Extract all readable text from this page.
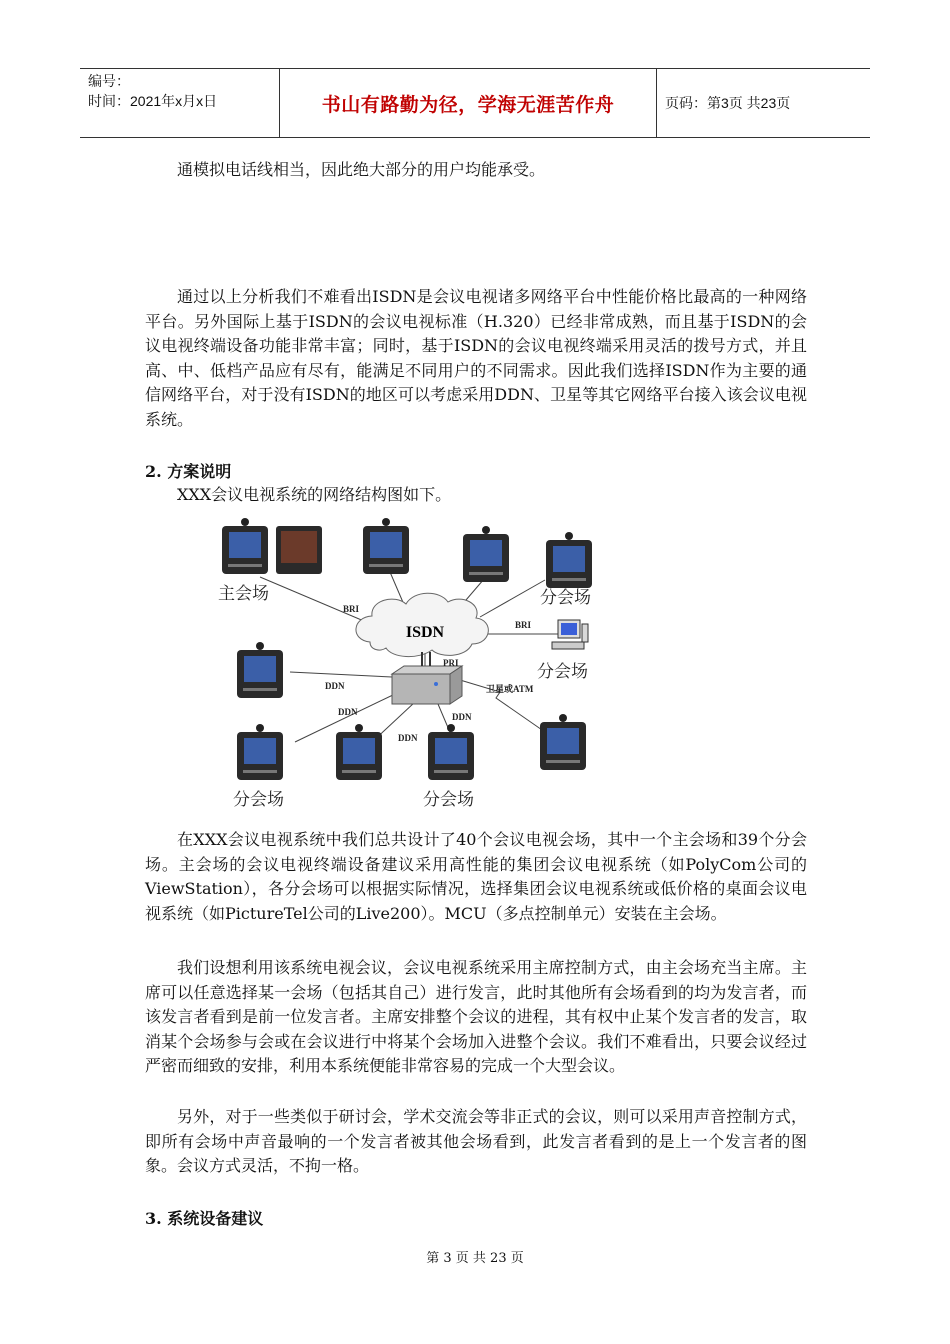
编号：
时间：2021年x月x日	书山有路勤为径，学海无涯苦作舟	页码：第3页 共23页

通模拟电话线相当，因此绝大部分的用户均能承受。

通过以上分析我们不难看出ISDN是会议电视诸多网络平台中性能价格比最高的一种网络平台。另外国际上基于ISDN的会议电视标准（H.320）已经非常成熟，而且基于ISDN的会议电视终端设备功能非常丰富；同时，基于ISDN的会议电视终端采用灵活的拨号方式，并且高、中、低档产品应有尽有，能满足不同用户的不同需求。因此我们选择ISDN作为主要的通信网络平台，对于没有ISDN的地区可以考虑采用DDN、卫星等其它网络平台接入该会议电视系统。

2. 方案说明

XXX会议电视系统的网络结构图如下。

ISDN
BRI
BRI
PRI
DDN
DDN
DDN
DDN
卫星或ATM
主会场	分会场
分会场
分会场	分会场

在XXX会议电视系统中我们总共设计了40个会议电视会场，其中一个主会场和39个分会场。主会场的会议电视终端设备建议采用高性能的集团会议电视系统（如PolyCom公司的ViewStation），各分会场可以根据实际情况，选择集团会议电视系统或低价格的桌面会议电视系统（如PictureTel公司的Live200）。MCU（多点控制单元）安装在主会场。

我们设想利用该系统电视会议，会议电视系统采用主席控制方式，由主会场充当主席。主席可以任意选择某一会场（包括其自己）进行发言，此时其他所有会场看到的均为发言者，而该发言者看到是前一位发言者。主席安排整个会议的进程，其有权中止某个发言者的发言，取消某个会场参与会或在会议进行中将某个会场加入进整个会议。我们不难看出，只要会议经过严密而细致的安排，利用本系统便能非常容易的完成一个大型会议。

另外，对于一些类似于研讨会，学术交流会等非正式的会议，则可以采用声音控制方式，即所有会场中声音最响的一个发言者被其他会场看到，此发言者看到的是上一个发言者的图象。会议方式灵活，不拘一格。

3. 系统设备建议

第 3 页 共 23 页
